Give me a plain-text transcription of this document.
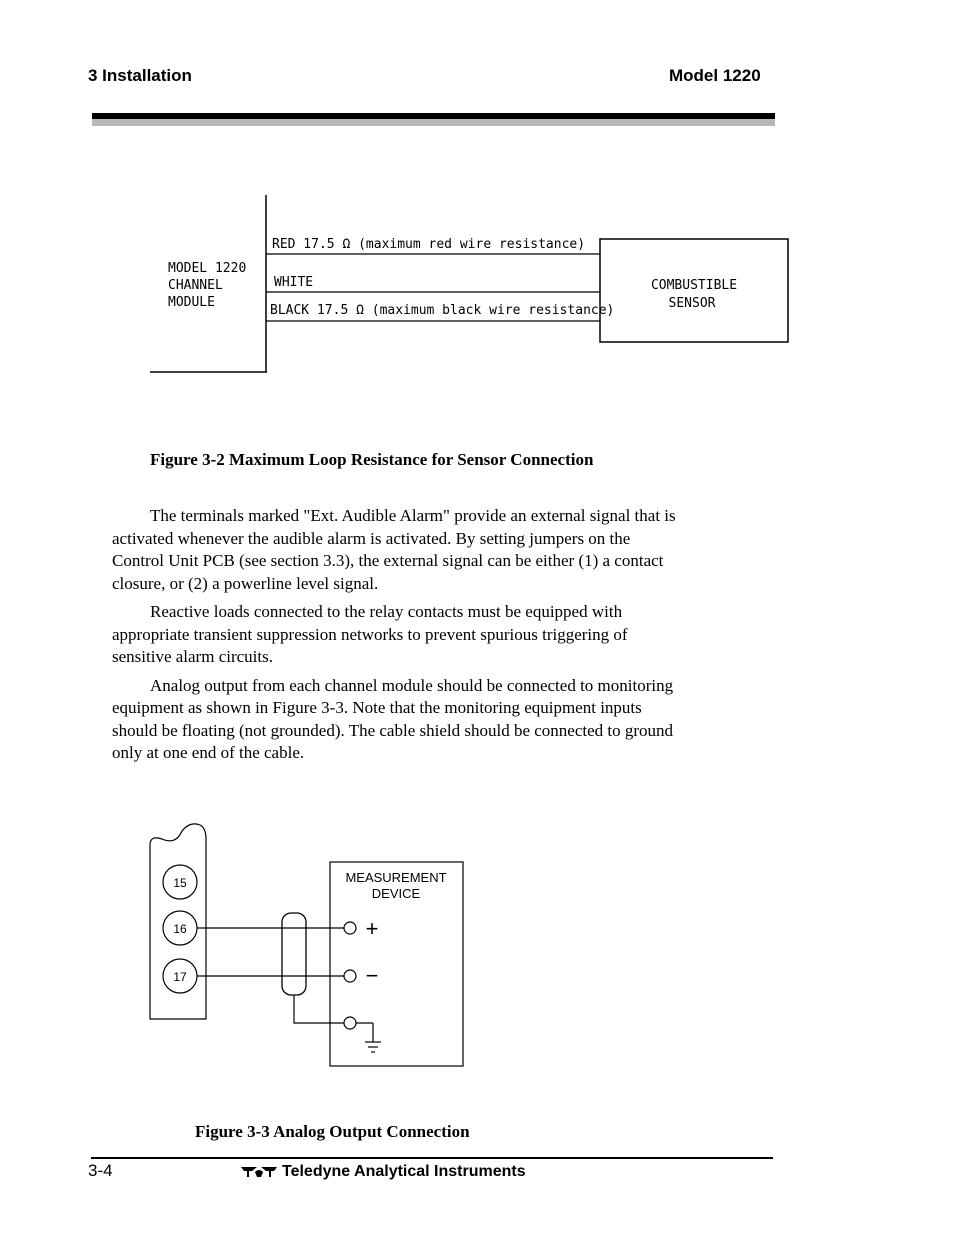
3 Installation	Model 1220
MODEL 1220
CHANNEL
MODULE
RED 17.5 Ω (maximum red wire resistance)
WHITE
BLACK 17.5 Ω (maximum black wire resistance)
COMBUSTIBLE
SENSOR
Figure 3-2 Maximum Loop Resistance for Sensor Connection

The terminals marked "Ext. Audible Alarm" provide an external signal that is activated whenever the audible alarm is activated. By setting jumpers on the Control Unit PCB (see section 3.3), the external signal can be either (1) a contact closure, or (2) a powerline level signal.

Reactive loads connected to the relay contacts must be equipped with appropriate transient suppression networks to prevent spurious triggering of sensitive alarm circuits.

Analog output from each channel module should be connected to monitoring equipment as shown in Figure 3-3. Note that the monitoring equipment inputs should be floating (not grounded). The cable shield should be connected to ground only at one end of the cable.

15
16
17
MEASUREMENT
DEVICE
+
−
Figure 3-3 Analog Output Connection
3-4	Teledyne Analytical Instruments
